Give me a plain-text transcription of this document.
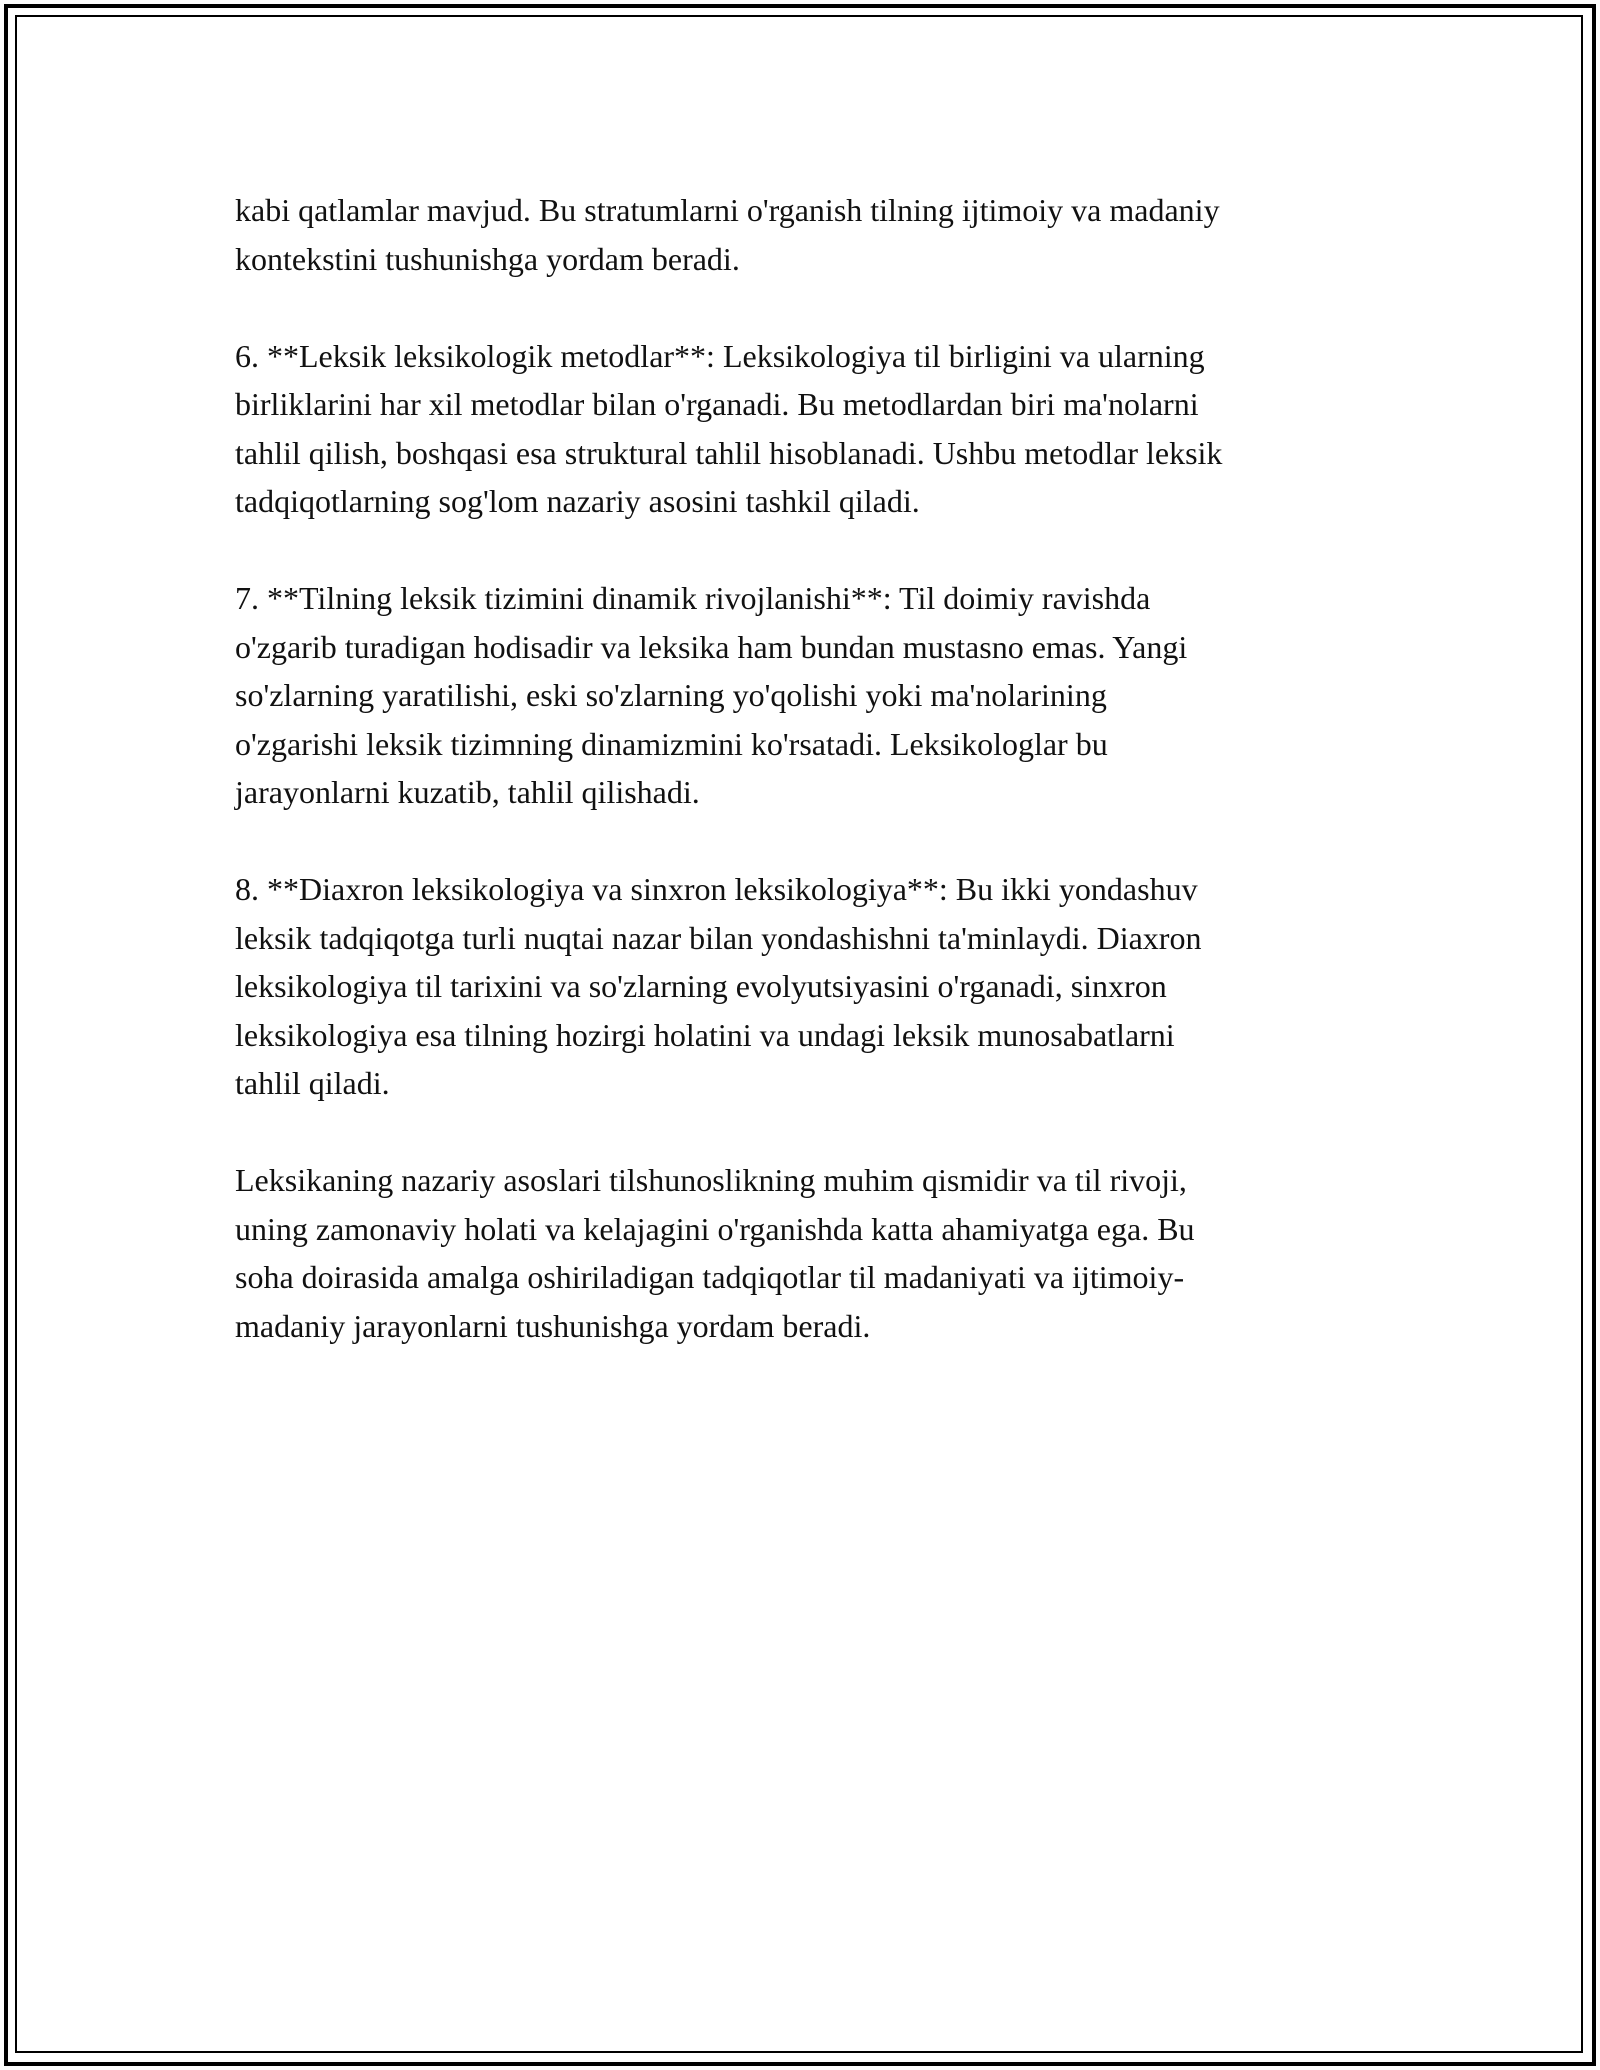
kabi qatlamlar mavjud. Bu stratumlarni o'rganish tilning ijtimoiy va madaniy
kontekstini tushunishga yordam beradi.

6. **Leksik leksikologik metodlar**: Leksikologiya til birligini va ularning
birliklarini har xil metodlar bilan o'rganadi. Bu metodlardan biri ma'nolarni
tahlil qilish, boshqasi esa struktural tahlil hisoblanadi. Ushbu metodlar leksik
tadqiqotlarning sog'lom nazariy asosini tashkil qiladi.

7. **Tilning leksik tizimini dinamik rivojlanishi**: Til doimiy ravishda
o'zgarib turadigan hodisadir va leksika ham bundan mustasno emas. Yangi
so'zlarning yaratilishi, eski so'zlarning yo'qolishi yoki ma'nolarining
o'zgarishi leksik tizimning dinamizmini ko'rsatadi. Leksikologlar bu
jarayonlarni kuzatib, tahlil qilishadi.

8. **Diaxron leksikologiya va sinxron leksikologiya**: Bu ikki yondashuv
leksik tadqiqotga turli nuqtai nazar bilan yondashishni ta'minlaydi. Diaxron
leksikologiya til tarixini va so'zlarning evolyutsiyasini o'rganadi, sinxron
leksikologiya esa tilning hozirgi holatini va undagi leksik munosabatlarni
tahlil qiladi.

Leksikaning nazariy asoslari tilshunoslikning muhim qismidir va til rivoji,
uning zamonaviy holati va kelajagini o'rganishda katta ahamiyatga ega. Bu
soha doirasida amalga oshiriladigan tadqiqotlar til madaniyati va ijtimoiy-
madaniy jarayonlarni tushunishga yordam beradi.
